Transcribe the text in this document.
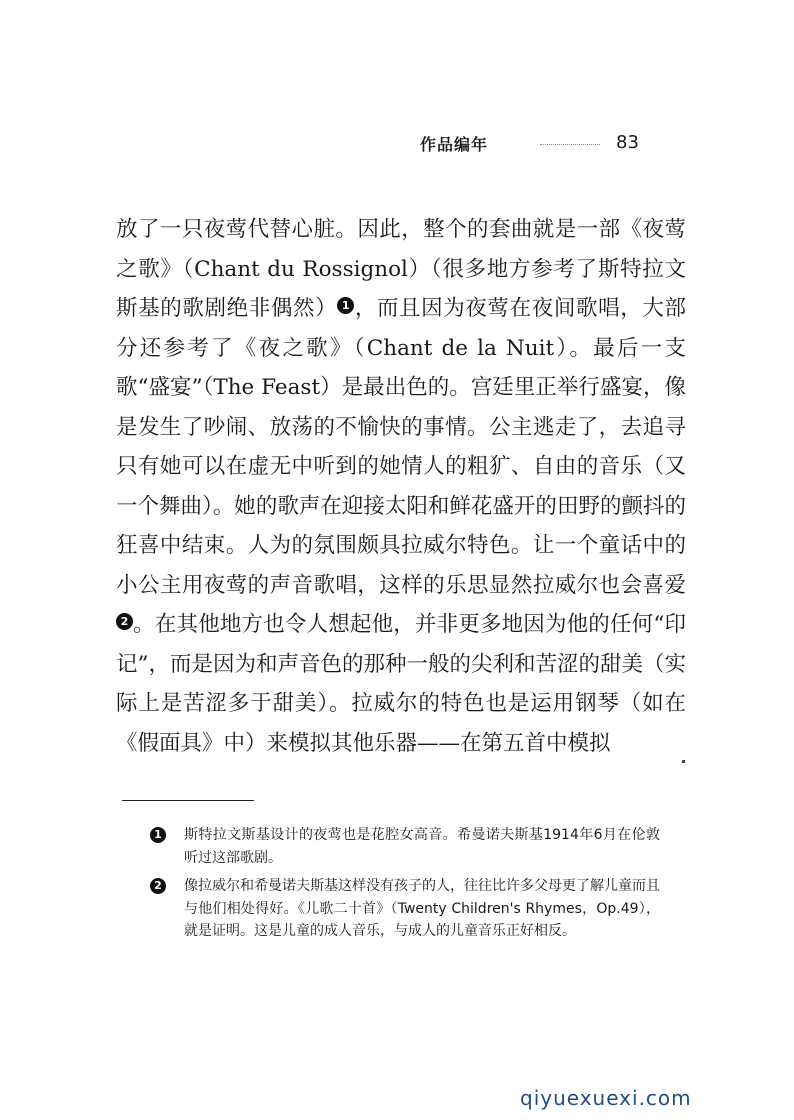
作品编年	83

放了一只夜莺代替心脏。因此，整个的套曲就是一部《夜莺之歌》（Chant du Rossignol）（很多地方参考了斯特拉文斯基的歌剧绝非偶然） 1 ，而且因为夜莺在夜间歌唱，大部分还参考了《夜之歌》（Chant de la Nuit）。最后一支歌“盛宴”（The Feast）是最出色的。宫廷里正举行盛宴，像是发生了吵闹、放荡的不愉快的事情。公主逃走了，去追寻只有她可以在虚无中听到的她情人的粗犷、自由的音乐（又一个舞曲）。她的歌声在迎接太阳和鲜花盛开的田野的颤抖的狂喜中结束。人为的氛围颇具拉威尔特色。让一个童话中的小公主用夜莺的声音歌唱，这样的乐思显然拉威尔也会喜爱2 。在其他地方也令人想起他，并非更多地因为他的任何“印记”，而是因为和声音色的那种一般的尖利和苦涩的甜美（实际上是苦涩多于甜美）。拉威尔的特色也是运用钢琴（如在《假面具》中）来模拟其他乐器——在第五首中模拟

1 斯特拉文斯基设计的夜莺也是花腔女高音。希曼诺夫斯基1914年6月在伦敦听过这部歌剧。

2 像拉威尔和希曼诺夫斯基这样没有孩子的人，往往比许多父母更了解儿童而且与他们相处得好。《儿歌二十首》（Twenty Children's Rhymes，Op.49），就是证明。这是儿童的成人音乐，与成人的儿童音乐正好相反。

qiyuexuexi.com
